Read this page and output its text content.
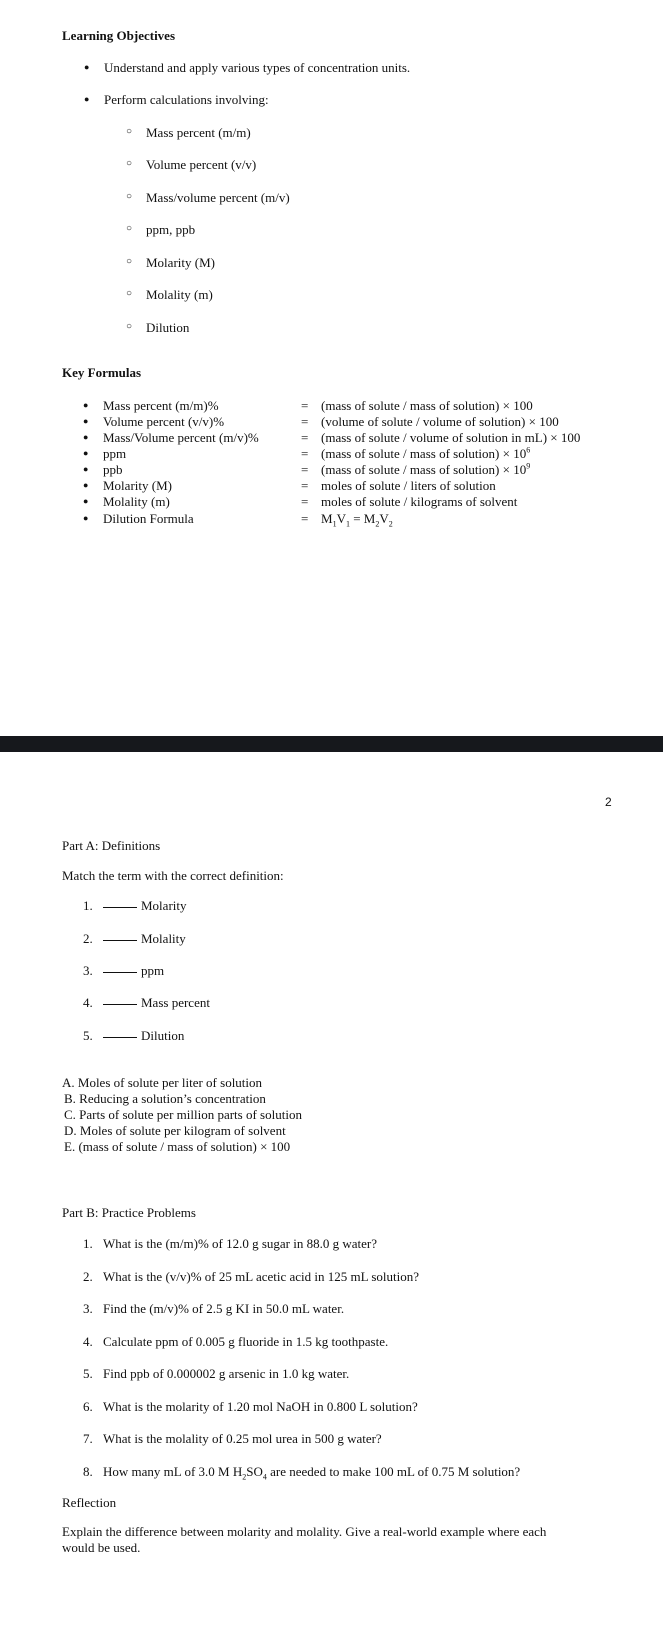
Learning Objectives
● Understand and apply various types of concentration units.
● Perform calculations involving:
○ Mass percent (m/m)
○ Volume percent (v/v)
○ Mass/volume percent (m/v)
○ ppm, ppb
○ Molarity (M)
○ Molality (m)
○ Dilution
Key Formulas
● Mass percent (m/m)%	= (mass of solute / mass of solution) × 100
● Volume percent (v/v)%	= (volume of solute / volume of solution) × 100
● Mass/Volume percent (m/v)%	= (mass of solute / volume of solution in mL) × 100
● ppm	= (mass of solute / mass of solution) × $10^6$
● ppb	= (mass of solute / mass of solution) × $10^9$
● Molarity (M)	= moles of solute / liters of solution
● Molality (m)	= moles of solute / kilograms of solvent
● Dilution Formula	= $M_1V_1 = M_2V_2$
2
Part A: Definitions
Match the term with the correct definition:
1.	Molarity
2.	Molality
3.	ppm
4.	Mass percent
5.	Dilution
A. Moles of solute per liter of solution
B. Reducing a solution’s concentration
C. Parts of solute per million parts of solution
D. Moles of solute per kilogram of solvent
E. (mass of solute / mass of solution) × 100
Part B: Practice Problems
1. What is the (m/m)% of 12.0 g sugar in 88.0 g water?
2. What is the (v/v)% of 25 mL acetic acid in 125 mL solution?
3. Find the (m/v)% of 2.5 g KI in 50.0 mL water.
4. Calculate ppm of 0.005 g fluoride in 1.5 kg toothpaste.
5. Find ppb of 0.000002 g arsenic in 1.0 kg water.
6. What is the molarity of 1.20 mol NaOH in 0.800 L solution?
7. What is the molality of 0.25 mol urea in 500 g water?
8. How many mL of 3.0 M $H_2SO_4$ are needed to make 100 mL of 0.75 M solution?
Reflection
Explain the difference between molarity and molality. Give a real-world example where each
would be used.
